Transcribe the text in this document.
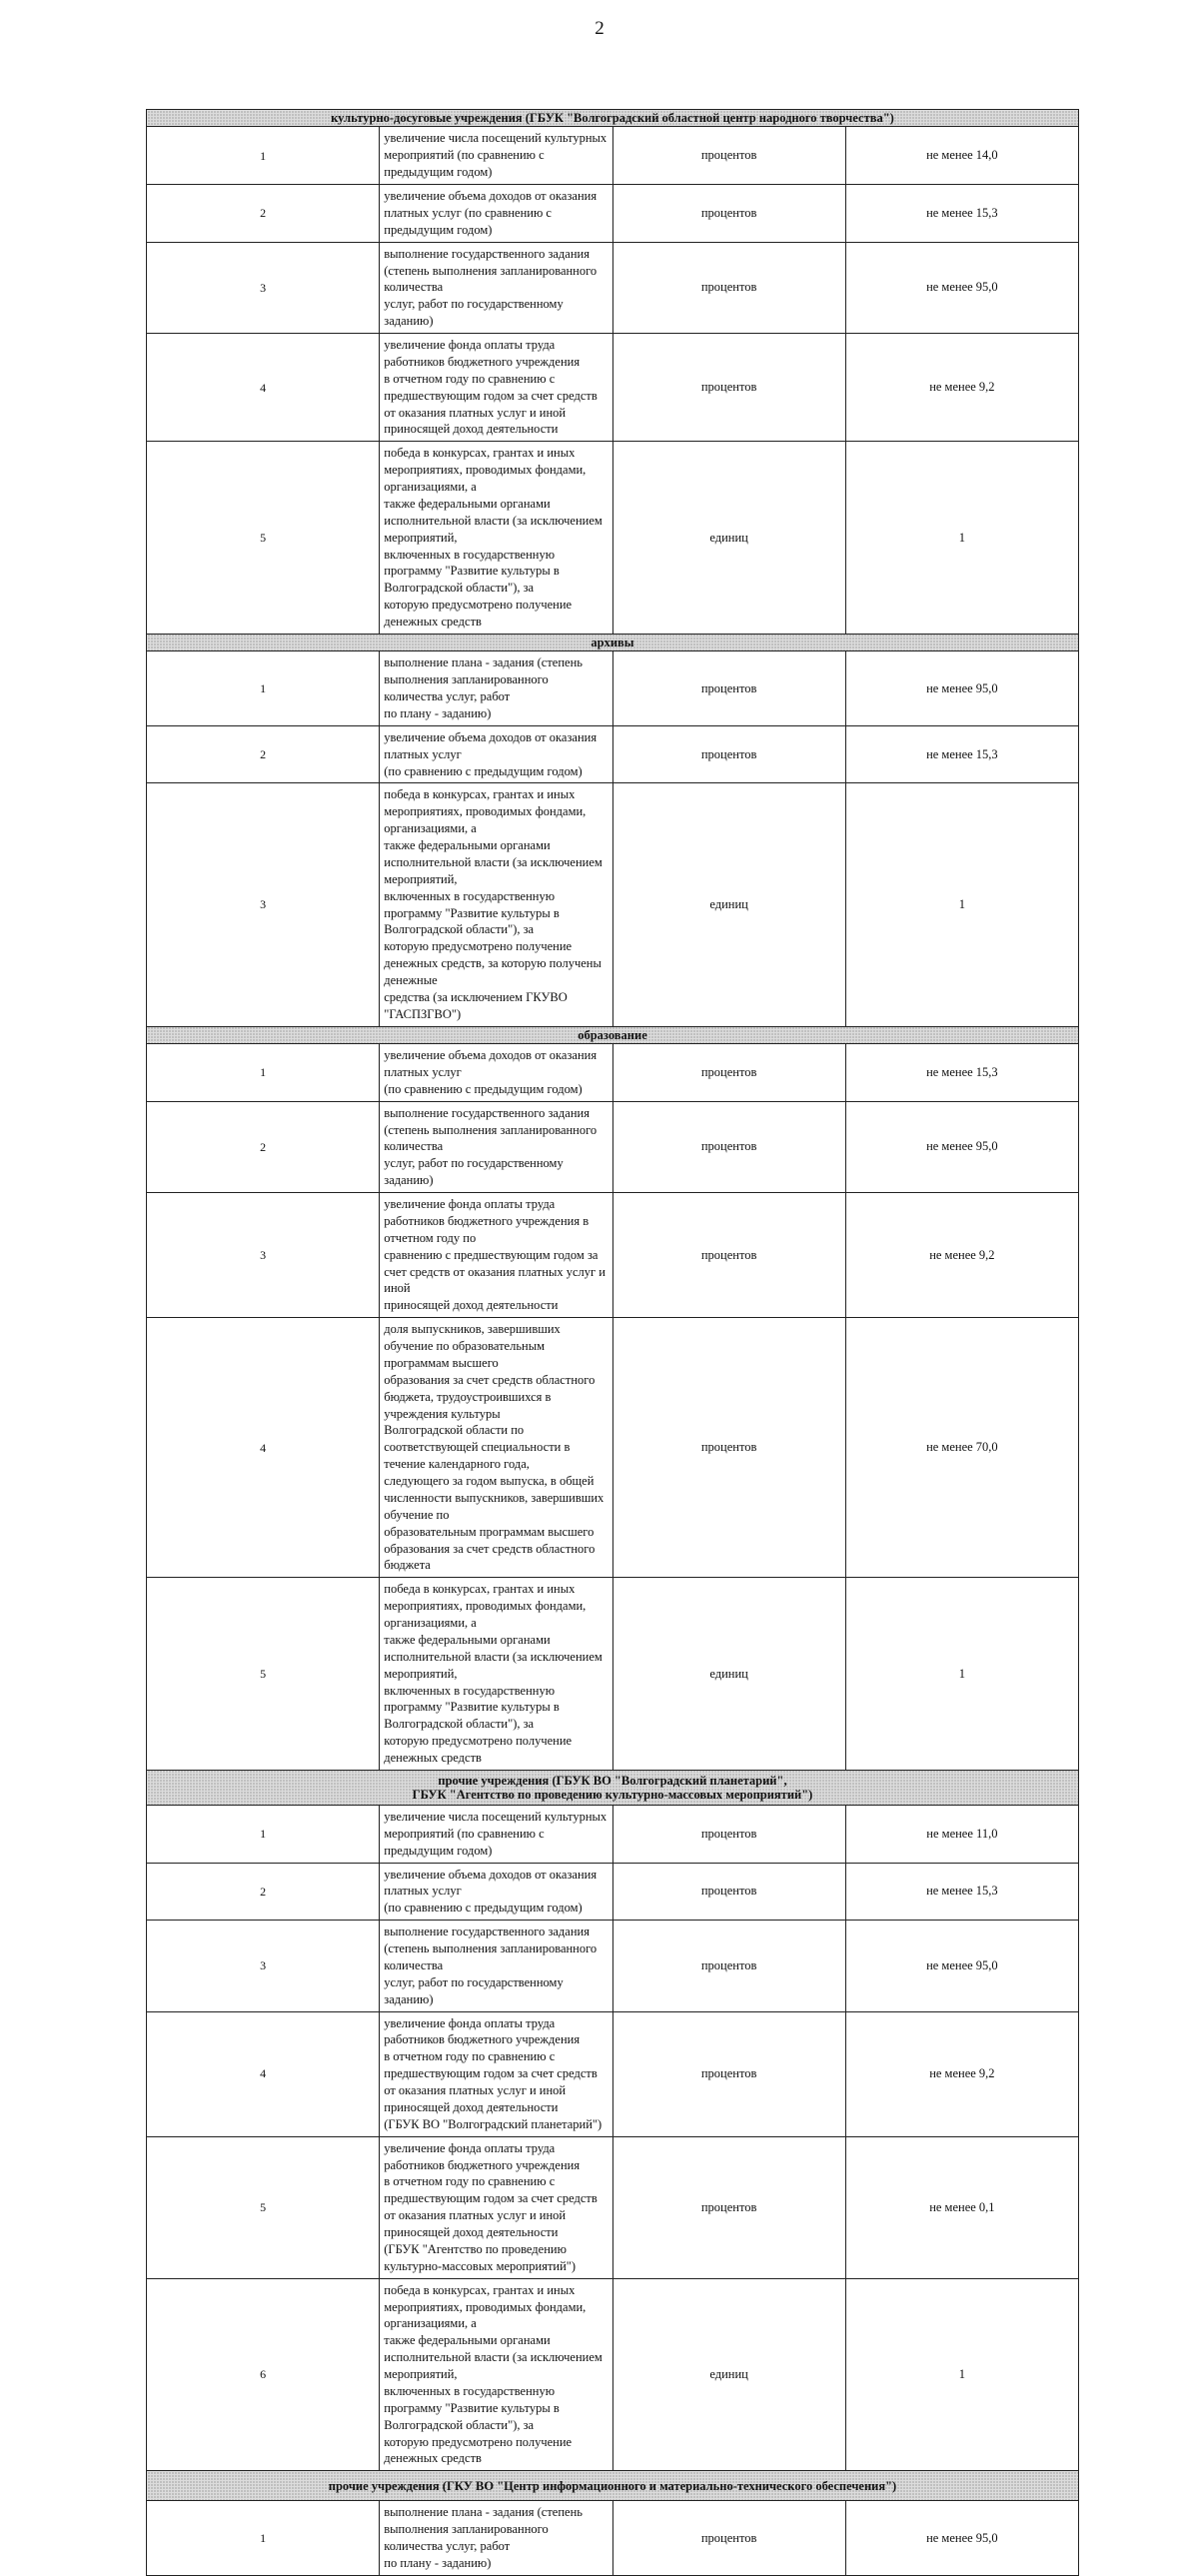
2
культурно-досуговые учреждения (ГБУК "Волгоградский областной центр народного творчества")			

1	увеличение числа посещений культурных мероприятий (по сравнению с предыдущим годом)	процентов	не менее 14,0
2	увеличение объема доходов от оказания платных услуг (по сравнению с предыдущим годом)	процентов	не менее 15,3
3	выполнение государственного задания (степень выполнения запланированного количества
услуг, работ по государственному заданию)	процентов	не менее 95,0
4	увеличение фонда оплаты труда работников бюджетного учреждения
в отчетном году по сравнению с предшествующим годом за счет средств
от оказания платных услуг и иной приносящей доход деятельности	процентов	не менее 9,2
5	победа в конкурсах, грантах и иных мероприятиях, проводимых фондами, организациями, а
также федеральными органами исполнительной власти (за исключением мероприятий,
включенных в государственную программу "Развитие культуры в Волгоградской области"), за
которую предусмотрено получение денежных средств	единиц	1

архивы			

1	выполнение плана - задания (степень выполнения запланированного количества услуг, работ
по плану - заданию)	процентов	не менее 95,0
2	увеличение объема доходов от оказания платных услуг
(по сравнению с предыдущим годом)	процентов	не менее 15,3
3	победа в конкурсах, грантах и иных мероприятиях, проводимых фондами, организациями, а
также федеральными органами исполнительной власти (за исключением мероприятий,
включенных в государственную программу "Развитие культуры в Волгоградской области"), за
которую предусмотрено получение денежных средств, за которую получены денежные
средства (за исключением ГКУВО "ГАСПЗГВО")	единиц	1

образование			

1	увеличение объема доходов от оказания платных услуг
(по сравнению с предыдущим годом)	процентов	не менее 15,3
2	выполнение государственного задания (степень выполнения запланированного количества
услуг, работ по государственному заданию)	процентов	не менее 95,0
3	увеличение фонда оплаты труда работников бюджетного учреждения в отчетном году по
сравнению с предшествующим годом за счет средств от оказания платных услуг и иной
приносящей доход деятельности	процентов	не менее 9,2
4	доля выпускников, завершивших обучение по образовательным программам высшего
образования за счет средств областного бюджета, трудоустроившихся в учреждения культуры
Волгоградской области по соответствующей специальности в течение календарного года,
следующего за годом выпуска, в общей численности выпускников, завершивших обучение по
образовательным программам высшего образования за счет средств областного бюджета	процентов	не менее 70,0
5	победа в конкурсах, грантах и иных мероприятиях, проводимых фондами, организациями, а
также федеральными органами исполнительной власти (за исключением мероприятий,
включенных в государственную программу "Развитие культуры в Волгоградской области"), за
которую предусмотрено получение денежных средств	единиц	1

прочие учреждения (ГБУК ВО "Волгоградский планетарий",
ГБУК "Агентство по проведению культурно-массовых мероприятий")			

1	увеличение числа посещений культурных мероприятий (по сравнению с предыдущим годом)	процентов	не менее 11,0
2	увеличение объема доходов от оказания платных услуг
(по сравнению с предыдущим годом)	процентов	не менее 15,3
3	выполнение государственного задания (степень выполнения запланированного количества
услуг, работ по государственному заданию)	процентов	не менее 95,0
4	увеличение фонда оплаты труда работников бюджетного учреждения
в отчетном году по сравнению с предшествующим годом за счет средств
от оказания платных услуг и иной приносящей доход деятельности
(ГБУК ВО "Волгоградский планетарий")	процентов	не менее 9,2
5	увеличение фонда оплаты труда работников бюджетного учреждения
в отчетном году по сравнению с предшествующим годом за счет средств
от оказания платных услуг и иной приносящей доход деятельности
(ГБУК "Агентство по проведению культурно-массовых мероприятий")	процентов	не менее 0,1
6	победа в конкурсах, грантах и иных мероприятиях, проводимых фондами, организациями, а
также федеральными органами исполнительной власти (за исключением мероприятий,
включенных в государственную программу "Развитие культуры в Волгоградской области"), за
которую предусмотрено получение денежных средств	единиц	1

прочие учреждения (ГКУ ВО "Центр информационного и материально-технического обеспечения")			

1	выполнение плана - задания (степень выполнения запланированного количества услуг, работ
по плану - заданию)	процентов	не менее 95,0
